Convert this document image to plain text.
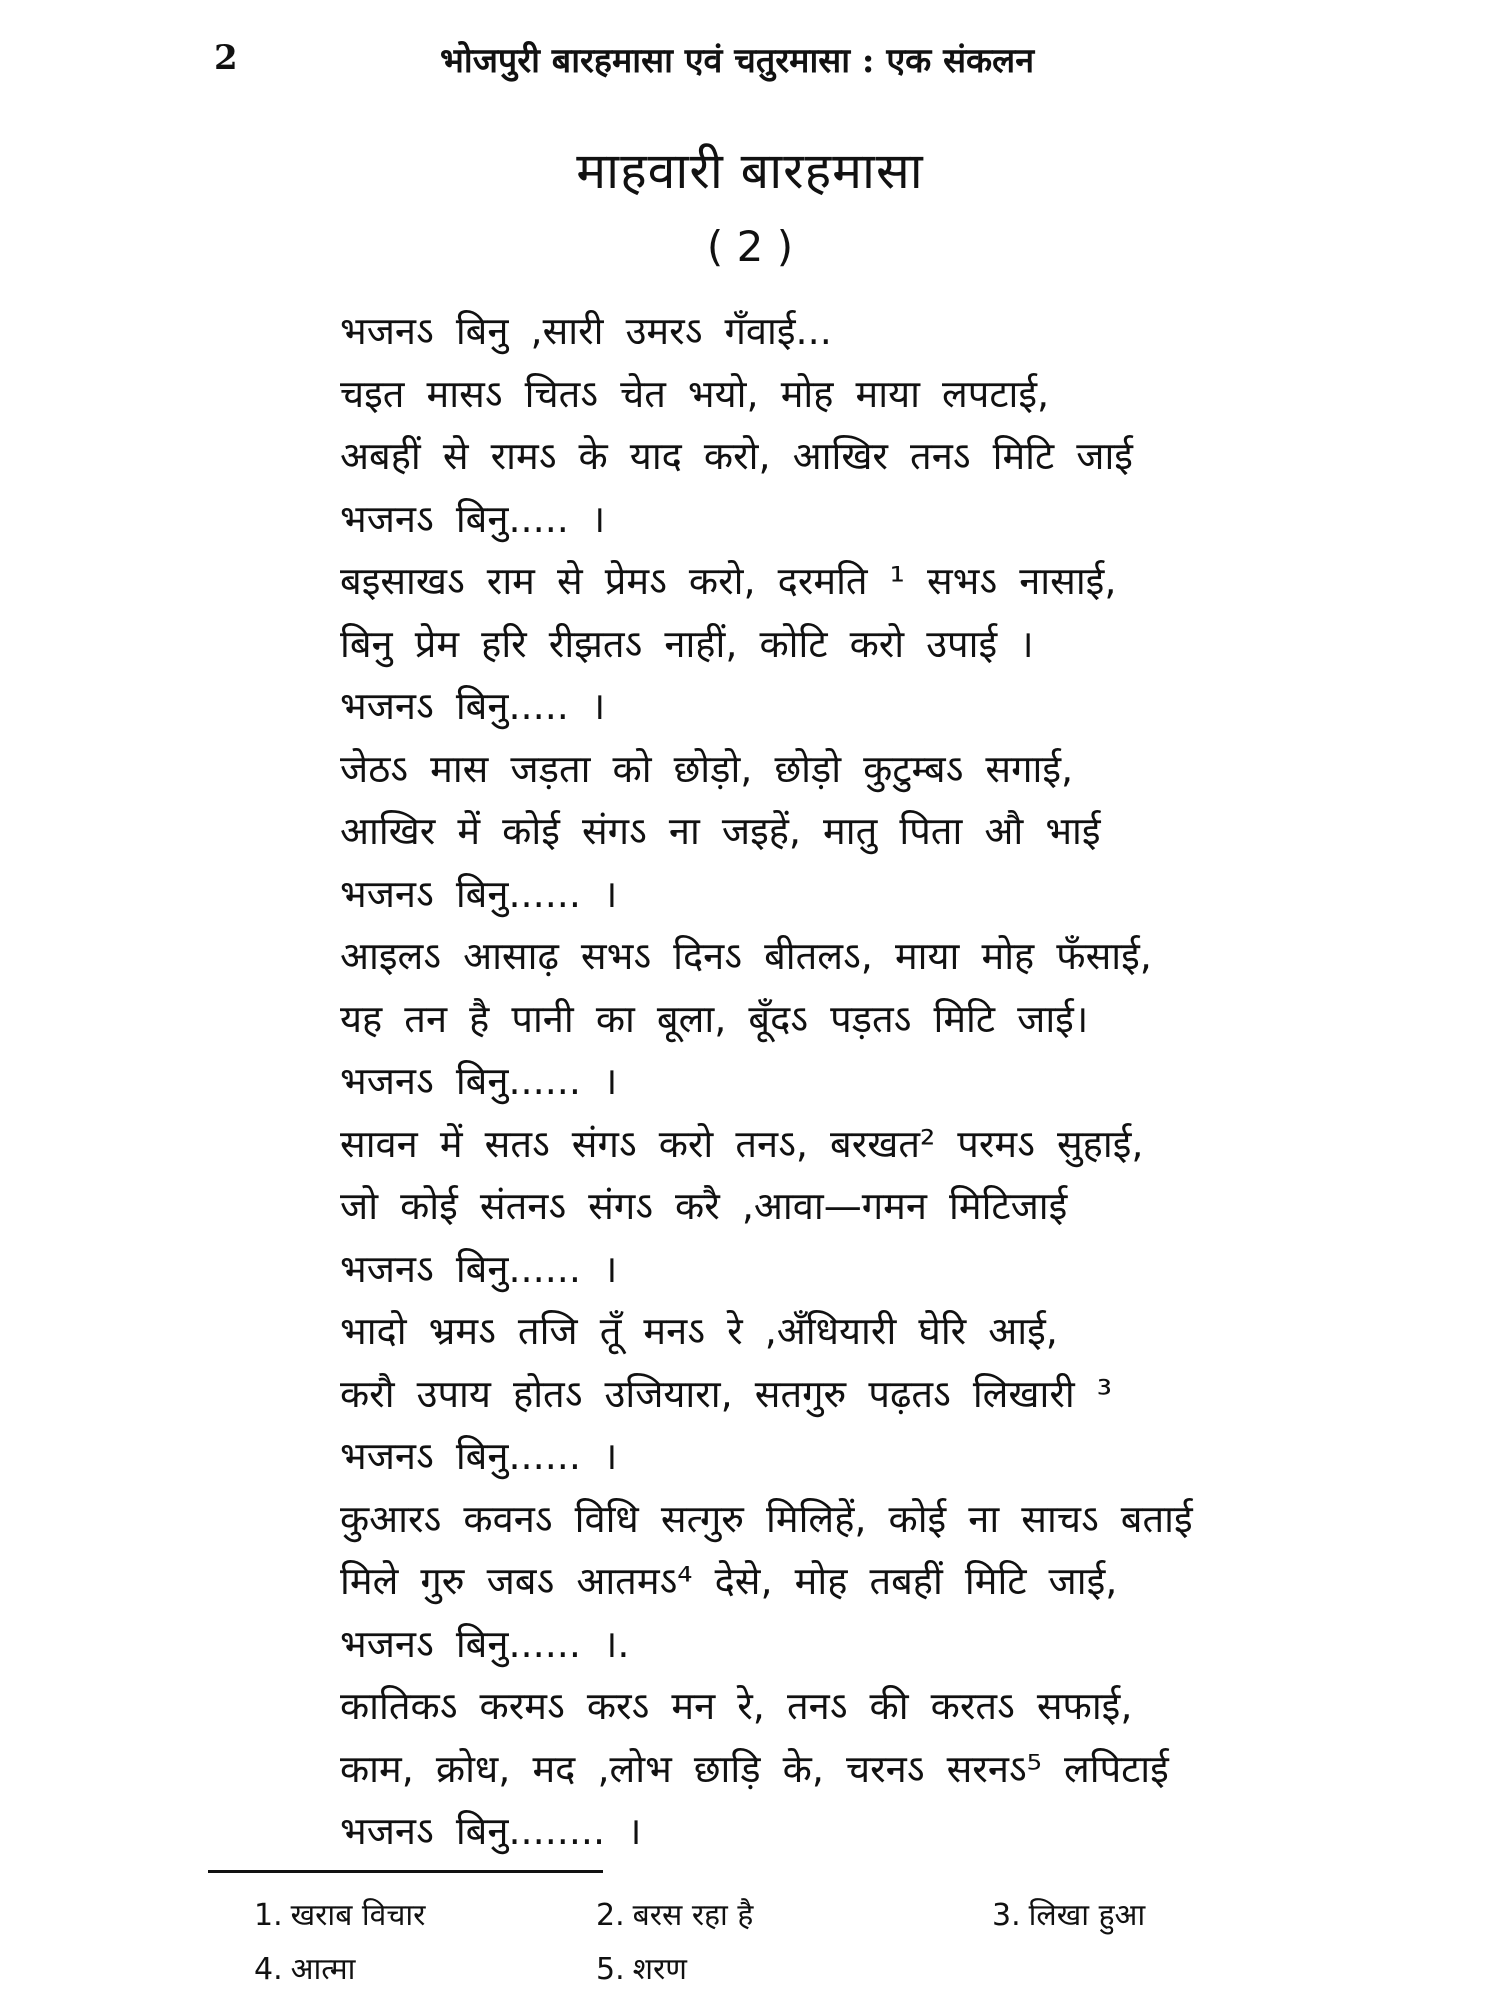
2	भोजपुरी बारहमासा एवं चतुरमासा : एक संकलन
माहवारी बारहमासा
( 2 )
भजनऽ बिनु ,सारी उमरऽ गँवाई...
चइत मासऽ चितऽ चेत भयो, मोह माया लपटाई,
अबहीं से रामऽ के याद करो, आखिर तनऽ मिटि जाई
भजनऽ बिनु..... ।
बइसाखऽ राम से प्रेमऽ करो, दरमति ¹ सभऽ नासाई,
बिनु प्रेम हरि रीझतऽ नाहीं, कोटि करो उपाई ।
भजनऽ बिनु..... ।
जेठऽ मास जड़ता को छोड़ो, छोड़ो कुटुम्बऽ सगाई,
आखिर में कोई संगऽ ना जइहें, मातु पिता औ भाई
भजनऽ बिनु...... ।
आइलऽ आसाढ़ सभऽ दिनऽ बीतलऽ, माया मोह फँसाई,
यह तन है पानी का बूला, बूँदऽ पड़तऽ मिटि जाई।
भजनऽ बिनु...... ।
सावन में सतऽ संगऽ करो तनऽ, बरखत² परमऽ सुहाई,
जो कोई संतनऽ संगऽ करै ,आवा—गमन मिटिजाई
भजनऽ बिनु...... ।
भादो भ्रमऽ तजि तूँ मनऽ रे ,अँधियारी घेरि आई,
करौ उपाय होतऽ उजियारा, सतगुरु पढ़तऽ लिखारी ³
भजनऽ बिनु...... ।
कुआरऽ कवनऽ विधि सत्गुरु मिलिहें, कोई ना साचऽ बताई
मिले गुरु जबऽ आतमऽ⁴ देसे, मोह तबहीं मिटि जाई,
भजनऽ बिनु...... ।.
कातिकऽ करमऽ करऽ मन रे, तनऽ की करतऽ सफाई,
काम, क्रोध, मद ,लोभ छाड़ि के, चरनऽ सरनऽ⁵ लपिटाई
भजनऽ बिनु........ ।
1. खराब विचार	2. बरस रहा है	3. लिखा हुआ
4. आत्मा	5. शरण
